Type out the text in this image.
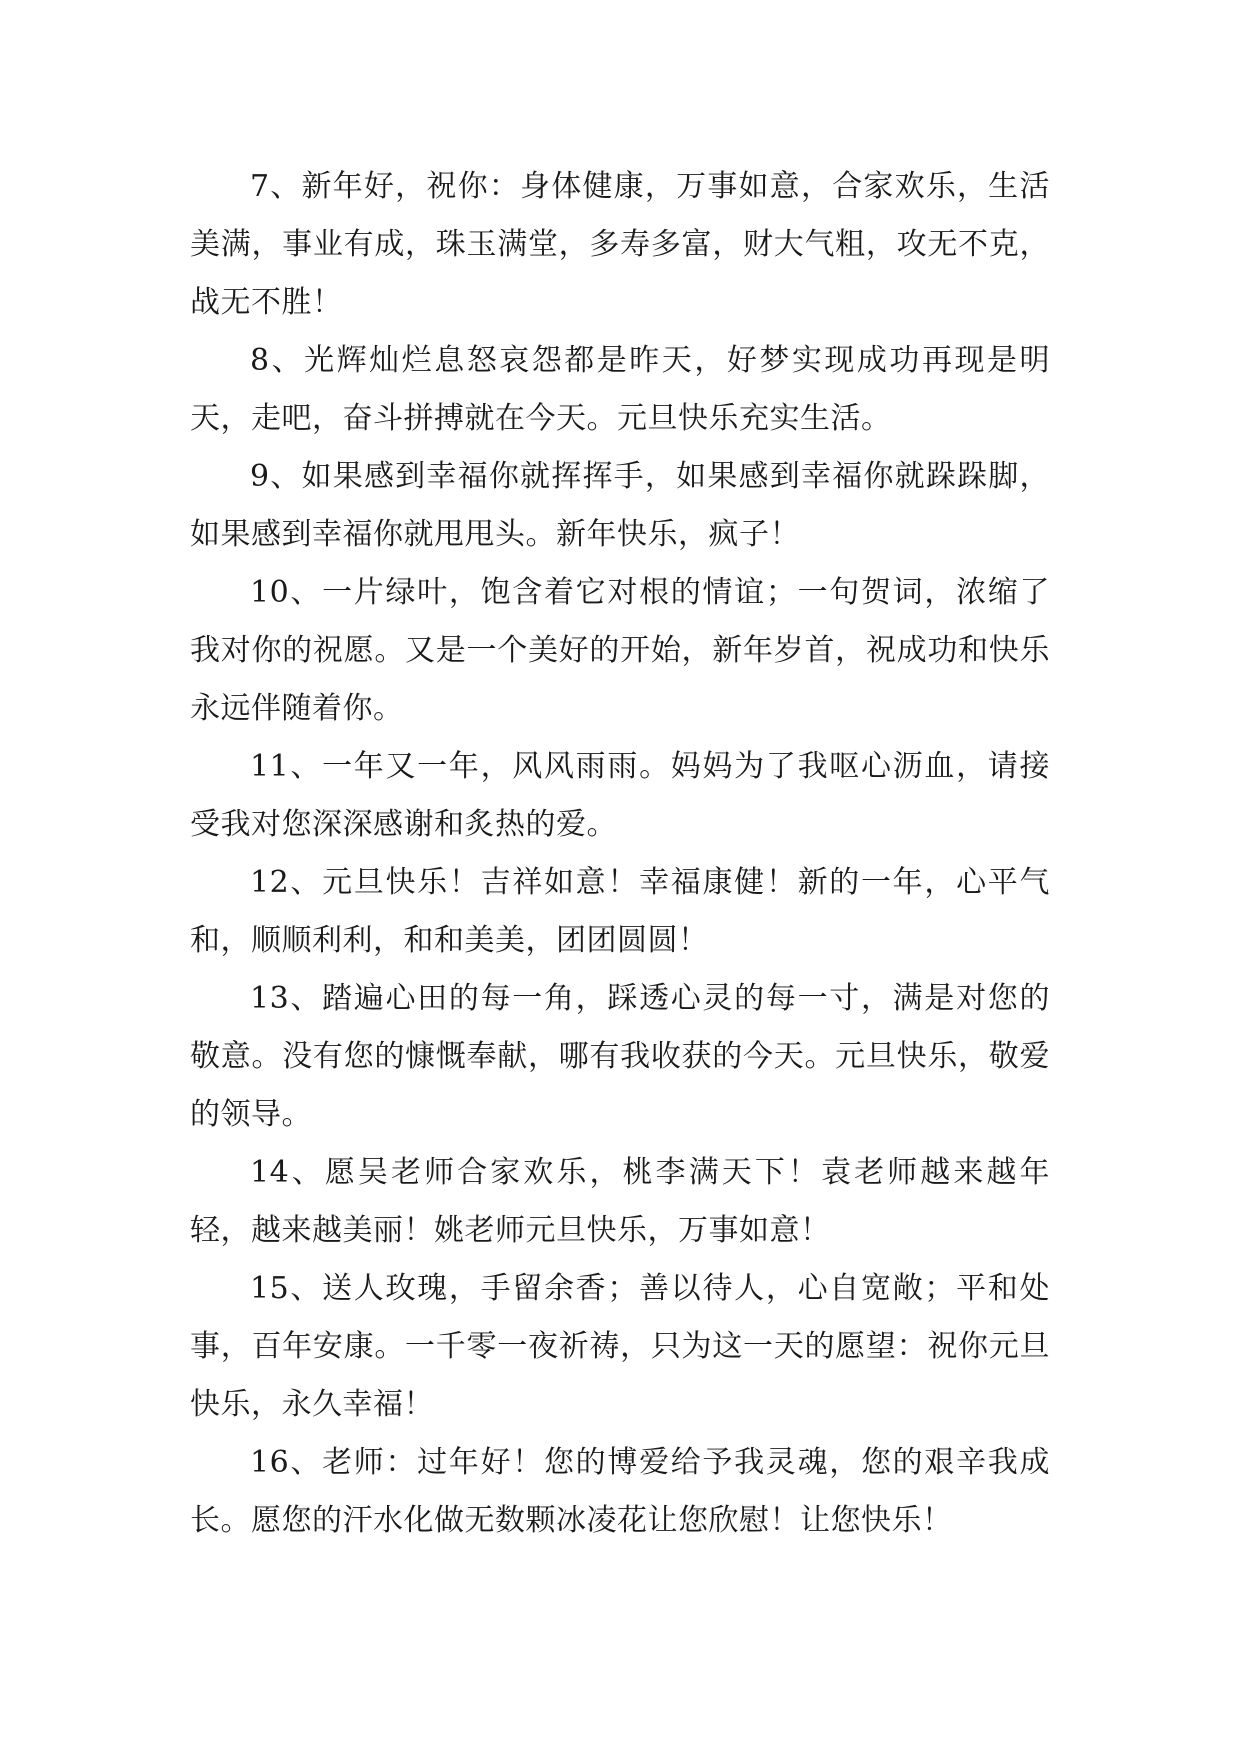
7、新年好，祝你：身体健康，万事如意，合家欢乐，生活美满，事业有成，珠玉满堂，多寿多富，财大气粗，攻无不克，战无不胜！

8、光辉灿烂息怒哀怨都是昨天，好梦实现成功再现是明天，走吧，奋斗拼搏就在今天。元旦快乐充实生活。

9、如果感到幸福你就挥挥手，如果感到幸福你就跺跺脚，如果感到幸福你就甩甩头。新年快乐，疯子！

10、一片绿叶，饱含着它对根的情谊；一句贺词，浓缩了我对你的祝愿。又是一个美好的开始，新年岁首，祝成功和快乐永远伴随着你。

11、一年又一年，风风雨雨。妈妈为了我呕心沥血，请接受我对您深深感谢和炙热的爱。

12、元旦快乐！吉祥如意！幸福康健！新的一年，心平气和，顺顺利利，和和美美，团团圆圆！

13、踏遍心田的每一角，踩透心灵的每一寸，满是对您的敬意。没有您的慷慨奉献，哪有我收获的今天。元旦快乐，敬爱的领导。

14、愿吴老师合家欢乐，桃李满天下！袁老师越来越年轻，越来越美丽！姚老师元旦快乐，万事如意！

15、送人玫瑰，手留余香；善以待人，心自宽敞；平和处事，百年安康。一千零一夜祈祷，只为这一天的愿望：祝你元旦快乐，永久幸福！

16、老师：过年好！您的博爱给予我灵魂，您的艰辛我成长。愿您的汗水化做无数颗冰凌花让您欣慰！让您快乐！
